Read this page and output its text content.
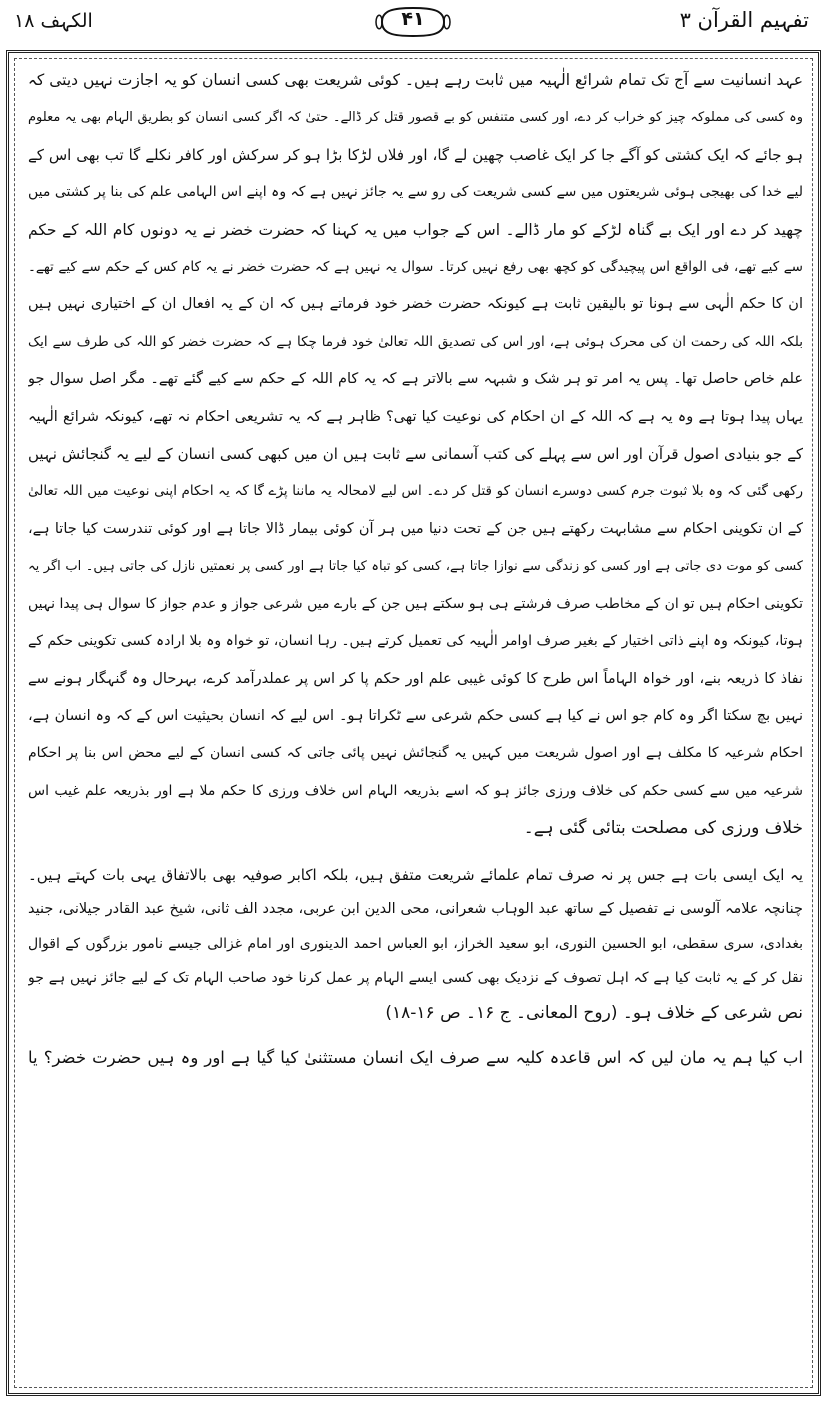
الکہف ۱۸	۴۱	تفہیم القرآن ۳
عہد انسانیت سے آج تک تمام شرائع الٰہیہ میں ثابت رہے ہیں۔ کوئی شریعت بھی کسی انسان کو یہ اجازت نہیں دیتی کہ
وہ کسی کی مملوکہ چیز کو خراب کر دے، اور کسی متنفس کو بے قصور قتل کر ڈالے۔ حتیٰ کہ اگر کسی انسان کو بطریق الہام بھی یہ معلوم
ہو جائے کہ ایک کشتی کو آگے جا کر ایک غاصب چھین لے گا، اور فلاں لڑکا بڑا ہو کر سرکش اور کافر نکلے گا تب بھی اس کے
لیے خدا کی بھیجی ہوئی شریعتوں میں سے کسی شریعت کی رو سے یہ جائز نہیں ہے کہ وہ اپنے اس الہامی علم کی بنا پر کشتی میں
چھید کر دے اور ایک بے گناہ لڑکے کو مار ڈالے۔ اس کے جواب میں یہ کہنا کہ حضرت خضر نے یہ دونوں کام اللہ کے حکم
سے کیے تھے، فی الواقع اس پیچیدگی کو کچھ بھی رفع نہیں کرتا۔ سوال یہ نہیں ہے کہ حضرت خضر نے یہ کام کس کے حکم سے کیے تھے۔
ان کا حکم الٰہی سے ہونا تو بالیقین ثابت ہے کیونکہ حضرت خضر خود فرماتے ہیں کہ ان کے یہ افعال ان کے اختیاری نہیں ہیں
بلکہ اللہ کی رحمت ان کی محرک ہوئی ہے، اور اس کی تصدیق اللہ تعالیٰ خود فرما چکا ہے کہ حضرت خضر کو اللہ کی طرف سے ایک
علم خاص حاصل تھا۔ پس یہ امر تو ہر شک و شبہہ سے بالاتر ہے کہ یہ کام اللہ کے حکم سے کیے گئے تھے۔ مگر اصل سوال جو
یہاں پیدا ہوتا ہے وہ یہ ہے کہ اللہ کے ان احکام کی نوعیت کیا تھی؟ ظاہر ہے کہ یہ تشریعی احکام نہ تھے، کیونکہ شرائع الٰہیہ
کے جو بنیادی اصول قرآن اور اس سے پہلے کی کتب آسمانی سے ثابت ہیں ان میں کبھی کسی انسان کے لیے یہ گنجائش نہیں
رکھی گئی کہ وہ بلا ثبوت جرم کسی دوسرے انسان کو قتل کر دے۔ اس لیے لامحالہ یہ ماننا پڑے گا کہ یہ احکام اپنی نوعیت میں اللہ تعالیٰ
کے ان تکوینی احکام سے مشابہت رکھتے ہیں جن کے تحت دنیا میں ہر آن کوئی بیمار ڈالا جاتا ہے اور کوئی تندرست کیا جاتا ہے،
کسی کو موت دی جاتی ہے اور کسی کو زندگی سے نوازا جاتا ہے، کسی کو تباہ کیا جاتا ہے اور کسی پر نعمتیں نازل کی جاتی ہیں۔ اب اگر یہ
تکوینی احکام ہیں تو ان کے مخاطب صرف فرشتے ہی ہو سکتے ہیں جن کے بارے میں شرعی جواز و عدم جواز کا سوال ہی پیدا نہیں
ہوتا، کیونکہ وہ اپنے ذاتی اختیار کے بغیر صرف اوامر الٰہیہ کی تعمیل کرتے ہیں۔ رہا انسان، تو خواہ وہ بلا ارادہ کسی تکوینی حکم کے
نفاذ کا ذریعہ بنے، اور خواہ الہاماً اس طرح کا کوئی غیبی علم اور حکم پا کر اس پر عملدرآمد کرے، بہرحال وہ گنہگار ہونے سے
نہیں بچ سکتا اگر وہ کام جو اس نے کیا ہے کسی حکم شرعی سے ٹکراتا ہو۔ اس لیے کہ انسان بحیثیت اس کے کہ وہ انسان ہے،
احکام شرعیہ کا مکلف ہے اور اصول شریعت میں کہیں یہ گنجائش نہیں پائی جاتی کہ کسی انسان کے لیے محض اس بنا پر احکام
شرعیہ میں سے کسی حکم کی خلاف ورزی جائز ہو کہ اسے بذریعہ الہام اس خلاف ورزی کا حکم ملا ہے اور بذریعہ علم غیب اس
خلاف ورزی کی مصلحت بتائی گئی ہے۔
یہ ایک ایسی بات ہے جس پر نہ صرف تمام علمائے شریعت متفق ہیں، بلکہ اکابر صوفیہ بھی بالاتفاق یہی بات کہتے ہیں۔
چنانچہ علامہ آلوسی نے تفصیل کے ساتھ عبد الوہاب شعرانی، محی الدین ابن عربی، مجدد الف ثانی، شیخ عبد القادر جیلانی، جنید
بغدادی، سری سقطی، ابو الحسین النوری، ابو سعید الخراز، ابو العباس احمد الدینوری اور امام غزالی جیسے نامور بزرگوں کے اقوال
نقل کر کے یہ ثابت کیا ہے کہ اہل تصوف کے نزدیک بھی کسی ایسے الہام پر عمل کرنا خود صاحب الہام تک کے لیے جائز نہیں ہے جو
نص شرعی کے خلاف ہو۔ (روح المعانی۔ ج ۱۶۔ ص ۱۶-۱۸)
اب کیا ہم یہ مان لیں کہ اس قاعدہ کلیہ سے صرف ایک انسان مستثنیٰ کیا گیا ہے اور وہ ہیں حضرت خضر؟ یا
